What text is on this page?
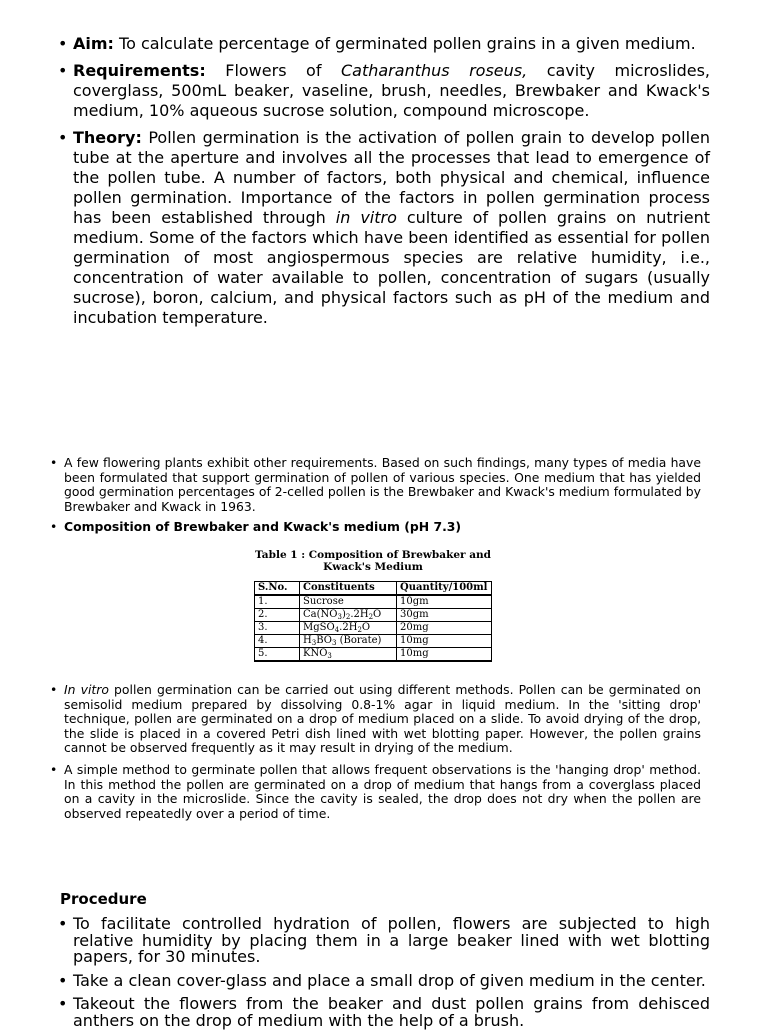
• Aim: To calculate percentage of germinated pollen grains in a given medium.
• Requirements: Flowers of Catharanthus roseus, cavity microslides, coverglass, 500mL beaker, vaseline, brush, needles, Brewbaker and Kwack's medium, 10% aqueous sucrose solution, compound microscope.
• Theory: Pollen germination is the activation of pollen grain to develop pollen tube at the aperture and involves all the processes that lead to emergence of the pollen tube. A number of factors, both physical and chemical, influence pollen germination. Importance of the factors in pollen germination process has been established through in vitro culture of pollen grains on nutrient medium. Some of the factors which have been identified as essential for pollen germination of most angiospermous species are relative humidity, i.e., concentration of water available to pollen, concentration of sugars (usually sucrose), boron, calcium, and physical factors such as pH of the medium and incubation temperature.
• A few flowering plants exhibit other requirements. Based on such findings, many types of media have been formulated that support germination of pollen of various species. One medium that has yielded good germination percentages of 2-celled pollen is the Brewbaker and Kwack's medium formulated by Brewbaker and Kwack in 1963.
• Composition of Brewbaker and Kwack's medium (pH 7.3)
Table 1 : Composition of Brewbaker and
Kwack's Medium
S.No.	Constituents	Quantity/100ml
1.	Sucrose	10gm
2.	$Ca(NO_3)_2.2H_2O$	30gm
3.	$MgSO_4.2H_2O$	20mg
4.	$H_3BO_3$ (Borate)	10mg
5.	$KNO_3$	10mg
• In vitro pollen germination can be carried out using different methods. Pollen can be germinated on semisolid medium prepared by dissolving 0.8-1% agar in liquid medium. In the 'sitting drop' technique, pollen are germinated on a drop of medium placed on a slide. To avoid drying of the drop, the slide is placed in a covered Petri dish lined with wet blotting paper. However, the pollen grains cannot be observed frequently as it may result in drying of the medium.
• A simple method to germinate pollen that allows frequent observations is the 'hanging drop' method. In this method the pollen are germinated on a drop of medium that hangs from a coverglass placed on a cavity in the microslide. Since the cavity is sealed, the drop does not dry when the pollen are observed repeatedly over a period of time.
Procedure
• To facilitate controlled hydration of pollen, flowers are subjected to high relative humidity by placing them in a large beaker lined with wet blotting papers, for 30 minutes.
• Take a clean cover-glass and place a small drop of given medium in the center.
• Takeout the flowers from the beaker and dust pollen grains from dehisced anthers on the drop of medium with the help of a brush.
